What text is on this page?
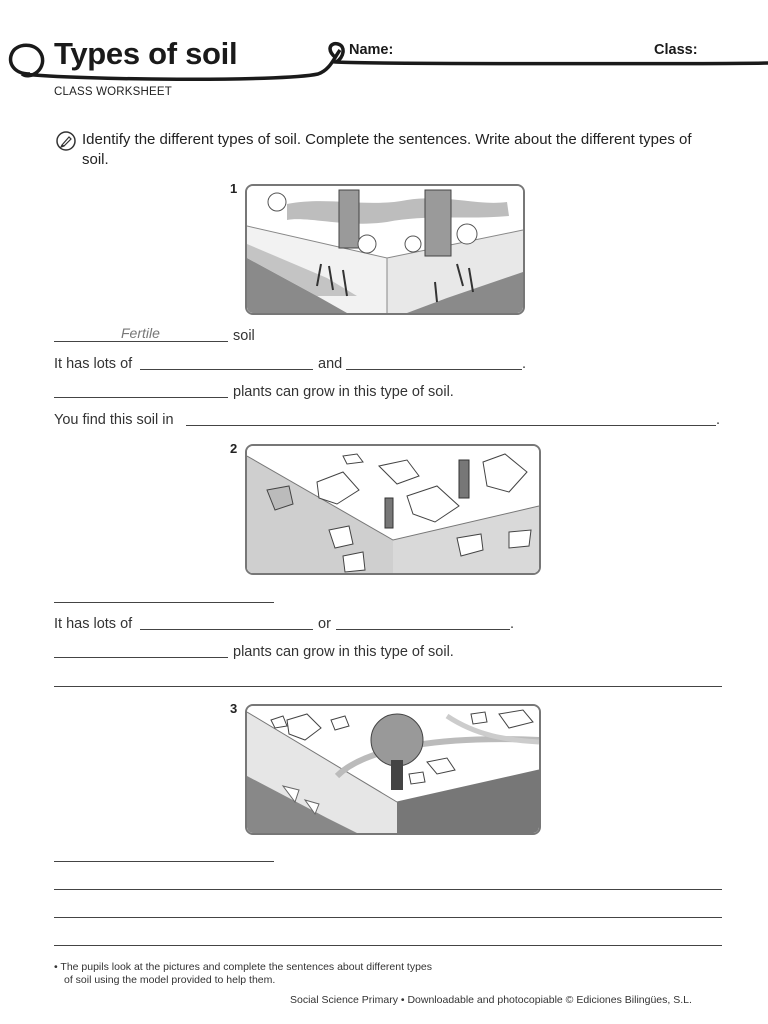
Types of soil	Name:	Class:
CLASS WORKSHEET
Identify the different types of soil. Complete the sentences. Write about the different types of soil.
1
Fertile	soil
It has lots of	and	.
plants can grow in this type of soil.
You find this soil in	.
2
It has lots of	or	.
plants can grow in this type of soil.
3
• The pupils look at the pictures and complete the sentences about different types
of soil using the model provided to help them.
Social Science Primary • Downloadable and photocopiable © Ediciones Bilingües, S.L.
